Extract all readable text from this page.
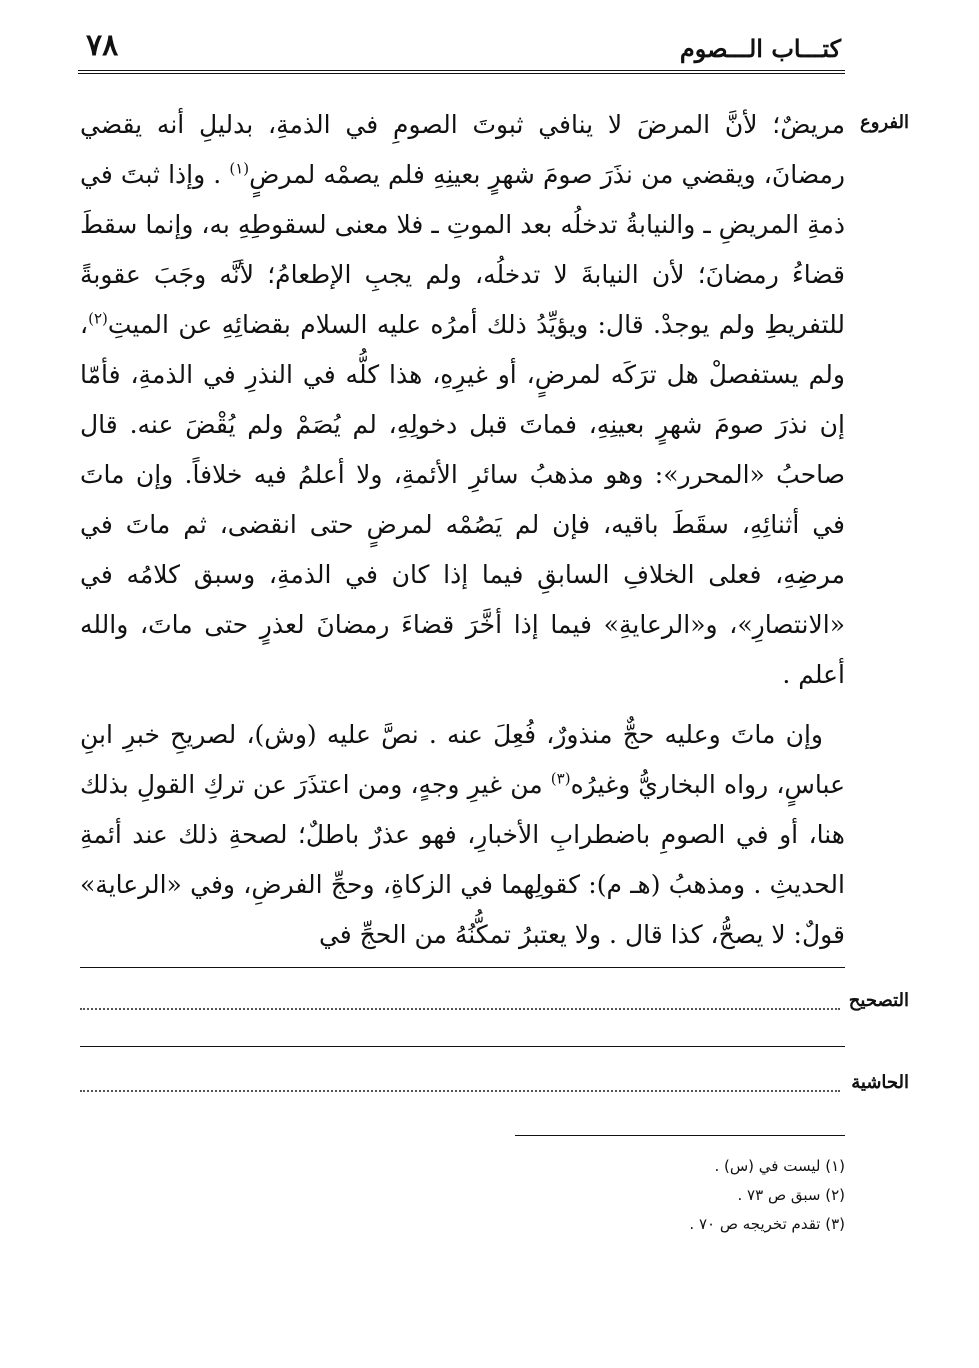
٧٨	كتـــاب الـــصوم
الفروع

مريضٌ؛ لأنَّ المرضَ لا ينافي ثبوتَ الصومِ في الذمةِ، بدليلِ أنه يقضي رمضانَ، ويقضي من نذَرَ صومَ شهرٍ بعينِهِ فلم يصمْه لمرضٍ$^{(١)}$ . وإذا ثبتَ في ذمةِ المريضِ ـ والنيابةُ تدخلُه بعد الموتِ ـ فلا معنى لسقوطِهِ به، وإنما سقطَ قضاءُ رمضانَ؛ لأن النيابةَ لا تدخلُه، ولم يجبِ الإطعامُ؛ لأنَّه وجَبَ عقوبةً للتفريطِ ولم يوجدْ. قال: ويؤيِّدُ ذلك أمرُه عليه السلام بقضائِهِ عن الميتِ$^{(٢)}$، ولم يستفصلْ هل ترَكَه لمرضٍ، أو غيرِهِ، هذا كلُّه في النذرِ في الذمةِ، فأمّا إن نذرَ صومَ شهرٍ بعينِهِ، فماتَ قبل دخولِهِ، لم يُصَمْ ولم يُقْضَ عنه. قال صاحبُ «المحرر»: وهو مذهبُ سائرِ الأئمةِ، ولا أعلمُ فيه خلافاً. وإن ماتَ في أثنائِهِ، سقَطَ باقيه، فإن لم يَصُمْه لمرضٍ حتى انقضى، ثم ماتَ في مرضِهِ، فعلى الخلافِ السابقِ فيما إذا كان في الذمةِ، وسبق كلامُه في «الانتصارِ»، و«الرعايةِ» فيما إذا أخَّرَ قضاءَ رمضانَ لعذرٍ حتى ماتَ، والله أعلم .

وإن ماتَ وعليه حجٌّ منذورٌ، فُعِلَ عنه . نصَّ عليه (وش)، لصريحِ خبرِ ابنِ عباسٍ، رواه البخاريُّ وغيرُه$^{(٣)}$ من غيرِ وجهٍ، ومن اعتذَرَ عن تركِ القولِ بذلك هنا، أو في الصومِ باضطرابِ الأخبارِ، فهو عذرٌ باطلٌ؛ لصحةِ ذلك عند أئمةِ الحديثِ . ومذهبُ (هـ م): كقولِهما في الزكاةِ، وحجِّ الفرضِ، وفي «الرعاية» قولٌ: لا يصحُّ، كذا قال . ولا يعتبرُ تمكُّنُهُ من الحجِّ في

التصحيح
الحاشية

(١) ليست في (س) .

(٢) سبق ص ٧٣ .

(٣) تقدم تخريجه ص ٧٠ .
